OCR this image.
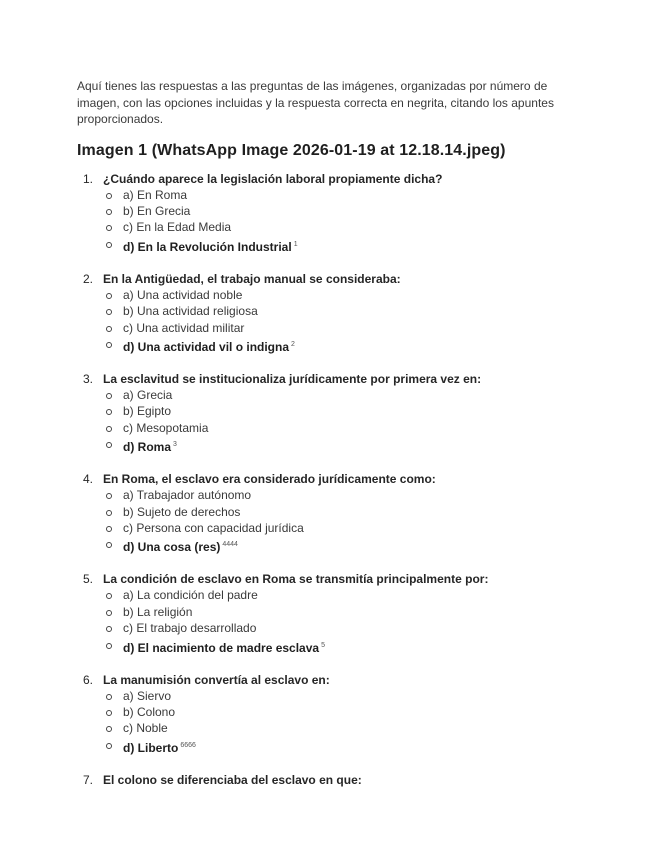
Aquí tienes las respuestas a las preguntas de las imágenes, organizadas por número de imagen, con las opciones incluidas y la respuesta correcta en negrita, citando los apuntes proporcionados.

Imagen 1 (WhatsApp Image 2026-01-19 at 12.18.14.jpeg)
1. ¿Cuándo aparece la legislación laboral propiamente dicha?
a) En Roma
b) En Grecia
c) En la Edad Media
d) En la Revolución Industrial $^1$
2. En la Antigüedad, el trabajo manual se consideraba:
a) Una actividad noble
b) Una actividad religiosa
c) Una actividad militar
d) Una actividad vil o indigna $^2$
3. La esclavitud se institucionaliza jurídicamente por primera vez en:
a) Grecia
b) Egipto
c) Mesopotamia
d) Roma $^3$
4. En Roma, el esclavo era considerado jurídicamente como:
a) Trabajador autónomo
b) Sujeto de derechos
c) Persona con capacidad jurídica
d) Una cosa (res) $^{4444}$
5. La condición de esclavo en Roma se transmitía principalmente por:
a) La condición del padre
b) La religión
c) El trabajo desarrollado
d) El nacimiento de madre esclava $^5$
6. La manumisión convertía al esclavo en:
a) Siervo
b) Colono
c) Noble
d) Liberto $^{6666}$
7. El colono se diferenciaba del esclavo en que:
